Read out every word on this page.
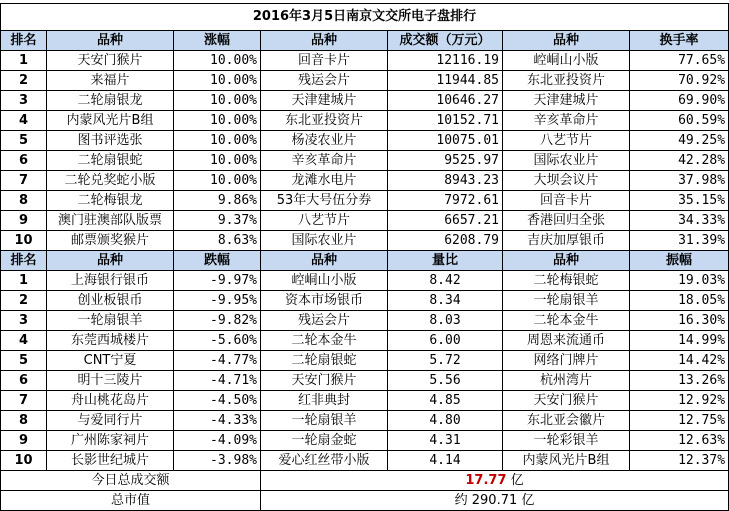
2016年3月5日南京文交所电子盘排行						
排名	品种	涨幅	品种	成交额（万元）	品种	换手率
1	天安门猴片	10.00%	回音卡片	12116.19	崆峒山小版	77.65%
2	来福片	10.00%	残运会片	11944.85	东北亚投资片	70.92%
3	二轮扇银龙	10.00%	天津建城片	10646.27	天津建城片	69.90%
4	内蒙风光片B组	10.00%	东北亚投资片	10152.71	辛亥革命片	60.59%
5	图书评选张	10.00%	杨凌农业片	10075.01	八艺节片	49.25%
6	二轮扇银蛇	10.00%	辛亥革命片	9525.97	国际农业片	42.28%
7	二轮兑奖蛇小版	10.00%	龙滩水电片	8943.23	大坝会议片	37.98%
8	二轮梅银龙	9.86%	53年大号伍分券	7972.61	回音卡片	35.15%
9	澳门驻澳部队版票	9.37%	八艺节片	6657.21	香港回归全张	34.33%
10	邮票颁奖猴片	8.63%	国际农业片	6208.79	吉庆加厚银币	31.39%
排名	品种	跌幅	品种	量比	品种	振幅
1	上海银行银币	-9.97%	崆峒山小版	8.42	二轮梅银蛇	19.03%
2	创业板银币	-9.95%	资本市场银币	8.34	一轮扇银羊	18.05%
3	一轮扇银羊	-9.82%	残运会片	8.03	二轮本金牛	16.30%
4	东莞西城楼片	-5.60%	二轮本金牛	6.00	周恩来流通币	14.99%
5	CNT宁夏	-4.77%	二轮扇银蛇	5.72	网络门牌片	14.42%
6	明十三陵片	-4.71%	天安门猴片	5.56	杭州湾片	13.26%
7	舟山桃花岛片	-4.50%	红非典封	4.85	天安门猴片	12.92%
8	与爱同行片	-4.33%	一轮扇银羊	4.80	东北亚会徽片	12.75%
9	广州陈家祠片	-4.09%	一轮扇金蛇	4.31	一轮彩银羊	12.63%
10	长影世纪城片	-3.98%	爱心红丝带小版	4.14	内蒙风光片B组	12.37%
今日总成交额			17.77 亿			
总市值			约 290.71 亿			
